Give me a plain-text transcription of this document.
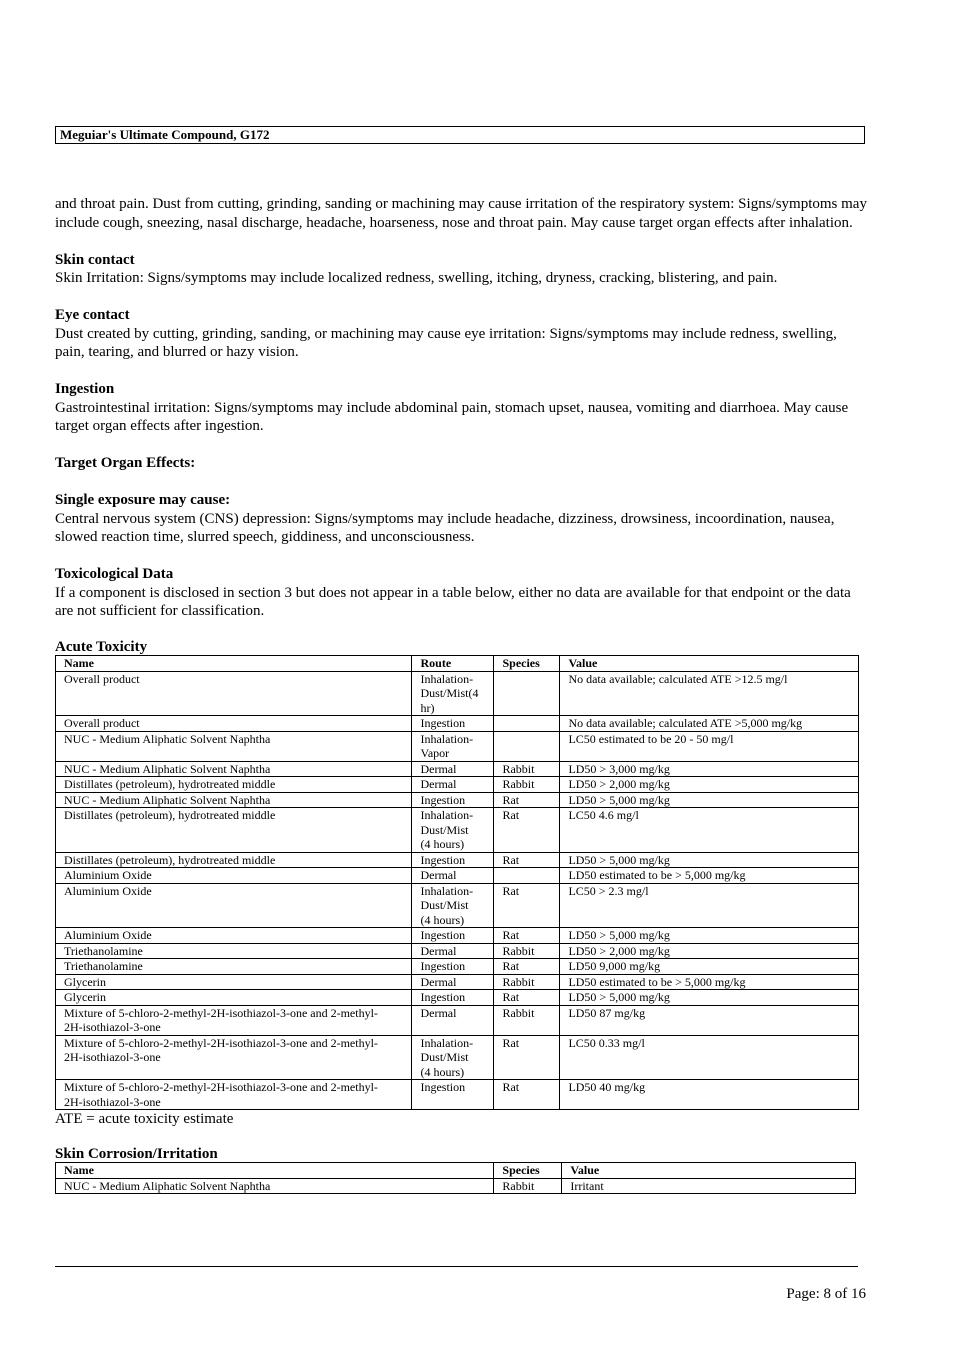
Meguiar's Ultimate Compound, G172

and throat pain. Dust from cutting, grinding, sanding or machining may cause irritation of the respiratory system: Signs/symptoms may include cough, sneezing, nasal discharge, headache, hoarseness, nose and throat pain. May cause target organ effects after inhalation.

Skin contact
Skin Irritation: Signs/symptoms may include localized redness, swelling, itching, dryness, cracking, blistering, and pain.
Eye contact
Dust created by cutting, grinding, sanding, or machining may cause eye irritation: Signs/symptoms may include redness, swelling, pain, tearing, and blurred or hazy vision.
Ingestion
Gastrointestinal irritation: Signs/symptoms may include abdominal pain, stomach upset, nausea, vomiting and diarrhoea. May cause target organ effects after ingestion.
Target Organ Effects:
Single exposure may cause:
Central nervous system (CNS) depression: Signs/symptoms may include headache, dizziness, drowsiness, incoordination, nausea, slowed reaction time, slurred speech, giddiness, and unconsciousness.
Toxicological Data
If a component is disclosed in section 3 but does not appear in a table below, either no data are available for that endpoint or the data are not sufficient for classification.
Acute Toxicity
Name	Route	Species	Value
Overall product	Inhalation-
Dust/Mist(4
hr)		No data available; calculated ATE >12.5 mg/l
Overall product	Ingestion		No data available; calculated ATE >5,000 mg/kg
NUC - Medium Aliphatic Solvent Naphtha	Inhalation-
Vapor		LC50 estimated to be 20 - 50 mg/l
NUC - Medium Aliphatic Solvent Naphtha	Dermal	Rabbit	LD50 > 3,000 mg/kg
Distillates (petroleum), hydrotreated middle	Dermal	Rabbit	LD50 > 2,000 mg/kg
NUC - Medium Aliphatic Solvent Naphtha	Ingestion	Rat	LD50 > 5,000 mg/kg
Distillates (petroleum), hydrotreated middle	Inhalation-
Dust/Mist
(4 hours)	Rat	LC50 4.6 mg/l
Distillates (petroleum), hydrotreated middle	Ingestion	Rat	LD50 > 5,000 mg/kg
Aluminium Oxide	Dermal		LD50 estimated to be > 5,000 mg/kg
Aluminium Oxide	Inhalation-
Dust/Mist
(4 hours)	Rat	LC50 > 2.3 mg/l
Aluminium Oxide	Ingestion	Rat	LD50 > 5,000 mg/kg
Triethanolamine	Dermal	Rabbit	LD50 > 2,000 mg/kg
Triethanolamine	Ingestion	Rat	LD50 9,000 mg/kg
Glycerin	Dermal	Rabbit	LD50 estimated to be > 5,000 mg/kg
Glycerin	Ingestion	Rat	LD50 > 5,000 mg/kg
Mixture of 5-chloro-2-methyl-2H-isothiazol-3-one and 2-methyl-
2H-isothiazol-3-one	Dermal	Rabbit	LD50 87 mg/kg
Mixture of 5-chloro-2-methyl-2H-isothiazol-3-one and 2-methyl-
2H-isothiazol-3-one	Inhalation-
Dust/Mist
(4 hours)	Rat	LC50 0.33 mg/l
Mixture of 5-chloro-2-methyl-2H-isothiazol-3-one and 2-methyl-
2H-isothiazol-3-one	Ingestion	Rat	LD50 40 mg/kg

ATE = acute toxicity estimate

Skin Corrosion/Irritation
Name	Species	Value
NUC - Medium Aliphatic Solvent Naphtha	Rabbit	Irritant
Page: 8 of 16
